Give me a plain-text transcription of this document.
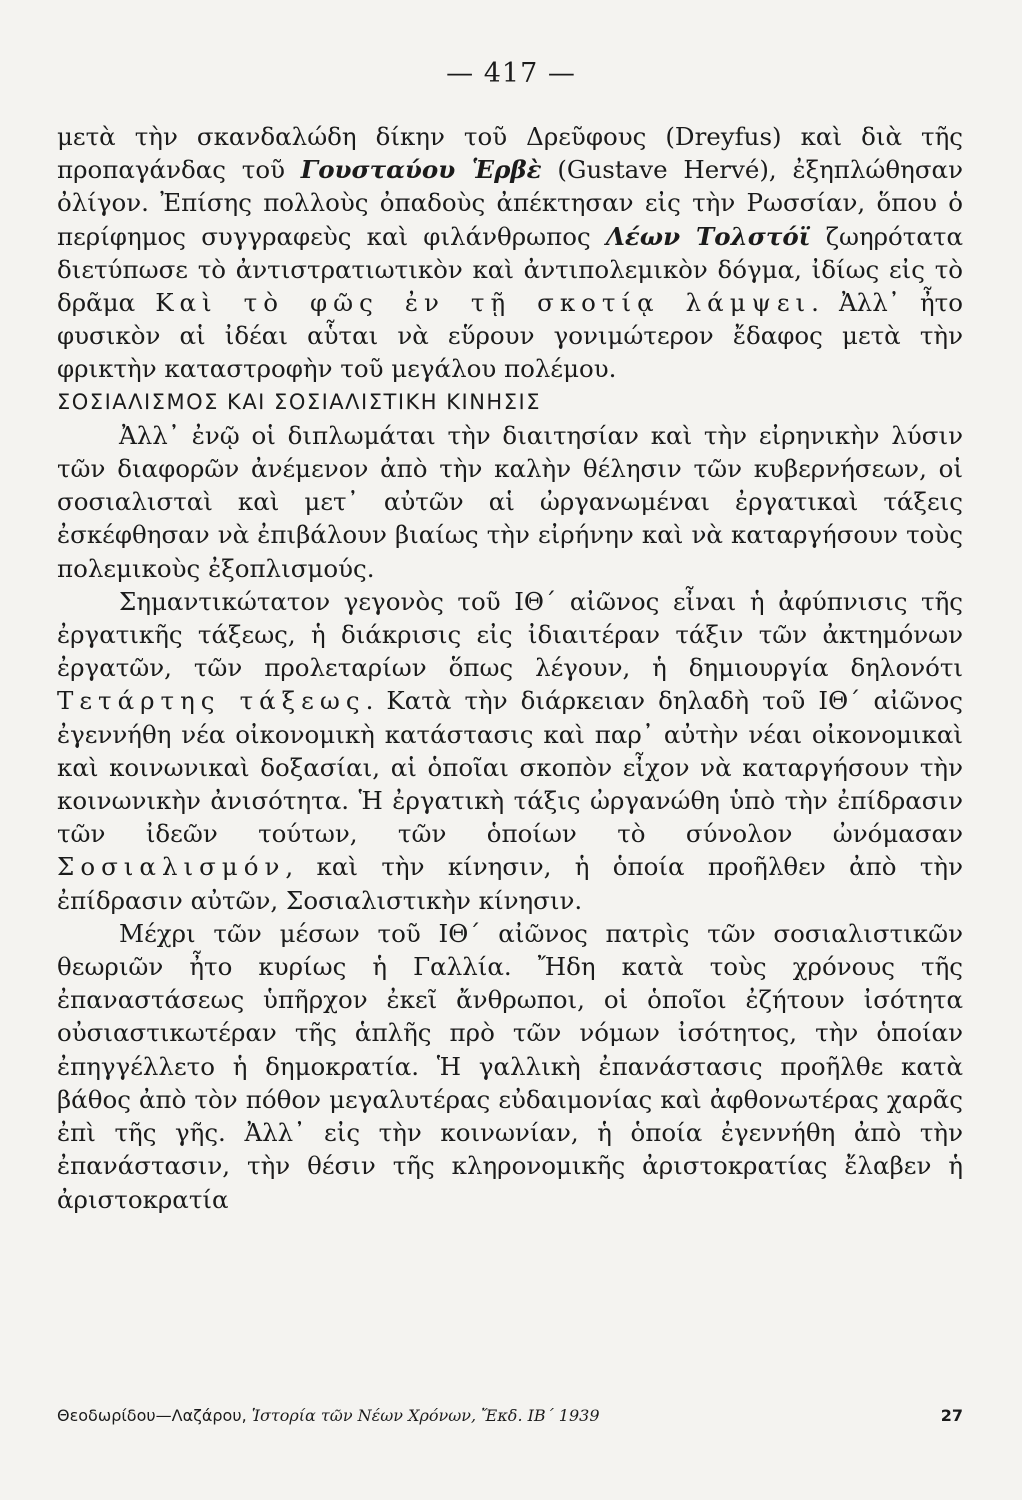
— 417 —

μετὰ τὴν σκανδαλώδη δίκην τοῦ Δρεῦφους (Dreyfus) καὶ διὰ τῆς προπαγάνδας τοῦ Γουσταύου Ἑρβὲ (Gustave Hervé), ἐξηπλώθησαν ὀλίγον. Ἐπίσης πολλοὺς ὀπαδοὺς ἀπέκτησαν εἰς τὴν Ρωσσίαν, ὅπου ὁ περίφημος συγγραφεὺς καὶ φιλάνθρωπος Λέων Τολστόϊ ζωηρότατα διετύπωσε τὸ ἀντιστρατιωτικὸν καὶ ἀντιπολεμικὸν δόγμα, ἰδίως εἰς τὸ δρᾶμα Καὶ τὸ φῶς ἐν τῇ σκοτίᾳ λάμψει. Ἀλλ᾿ ἦτο φυσικὸν αἱ ἰδέαι αὗται νὰ εὕρουν γονιμώτερον ἔδαφος μετὰ τὴν φρικτὴν καταστροφὴν τοῦ μεγάλου πολέμου.

ΣΟΣΙΑΛΙΣΜΟΣ ΚΑΙ ΣΟΣΙΑΛΙΣΤΙΚΗ ΚΙΝΗΣΙΣ

Ἀλλ᾿ ἐνῷ οἱ διπλωμάται τὴν διαιτησίαν καὶ τὴν εἰρηνικὴν λύσιν τῶν διαφορῶν ἀνέμενον ἀπὸ τὴν καλὴν θέλησιν τῶν κυβερνήσεων, οἱ σοσιαλισταὶ καὶ μετ᾿ αὐτῶν αἱ ὠργανωμέναι ἐργατικαὶ τάξεις ἐσκέφθησαν νὰ ἐπιβάλουν βιαίως τὴν εἰρήνην καὶ νὰ καταργήσουν τοὺς πολεμικοὺς ἐξοπλισμούς.

Σημαντικώτατον γεγονὸς τοῦ ΙΘ´ αἰῶνος εἶναι ἡ ἀφύπνισις τῆς ἐργατικῆς τάξεως, ἡ διάκρισις εἰς ἰδιαιτέραν τάξιν τῶν ἀκτημόνων ἐργατῶν, τῶν προλεταρίων ὅπως λέγουν, ἡ δημιουργία δηλονότι Τετάρτης τάξεως. Κατὰ τὴν διάρκειαν δηλαδὴ τοῦ ΙΘ´ αἰῶνος ἐγεννήθη νέα οἰκονομικὴ κατάστασις καὶ παρ᾿ αὐτὴν νέαι οἰκονομικαὶ καὶ κοινωνικαὶ δοξασίαι, αἱ ὁποῖαι σκοπὸν εἶχον νὰ καταργήσουν τὴν κοινωνικὴν ἀνισότητα. Ἡ ἐργατικὴ τάξις ὠργανώθη ὑπὸ τὴν ἐπίδρασιν τῶν ἰδεῶν τούτων, τῶν ὁποίων τὸ σύνολον ὠνόμασαν Σοσιαλισμόν, καὶ τὴν κίνησιν, ἡ ὁποία προῆλθεν ἀπὸ τὴν ἐπίδρασιν αὐτῶν, Σοσιαλιστικὴν κίνησιν.

Μέχρι τῶν μέσων τοῦ ΙΘ´ αἰῶνος πατρὶς τῶν σοσιαλιστικῶν θεωριῶν ἦτο κυρίως ἡ Γαλλία. Ἤδη κατὰ τοὺς χρόνους τῆς ἐπαναστάσεως ὑπῆρχον ἐκεῖ ἄνθρωποι, οἱ ὁποῖοι ἐζήτουν ἰσότητα οὐσιαστικωτέραν τῆς ἁπλῆς πρὸ τῶν νόμων ἰσότητος, τὴν ὁποίαν ἐπηγγέλλετο ἡ δημοκρατία. Ἡ γαλλικὴ ἐπανάστασις προῆλθε κατὰ βάθος ἀπὸ τὸν πόθον μεγαλυτέρας εὐδαιμονίας καὶ ἀφθονωτέρας χαρᾶς ἐπὶ τῆς γῆς. Ἀλλ᾿ εἰς τὴν κοινωνίαν, ἡ ὁποία ἐγεννήθη ἀπὸ τὴν ἐπανάστασιν, τὴν θέσιν τῆς κληρονομικῆς ἀριστοκρατίας ἔλαβεν ἡ ἀριστοκρατία

Θεοδωρίδου—Λαζάρου, Ἱστορία τῶν Νέων Χρόνων, Ἔκδ. ΙΒ´ 1939	27
